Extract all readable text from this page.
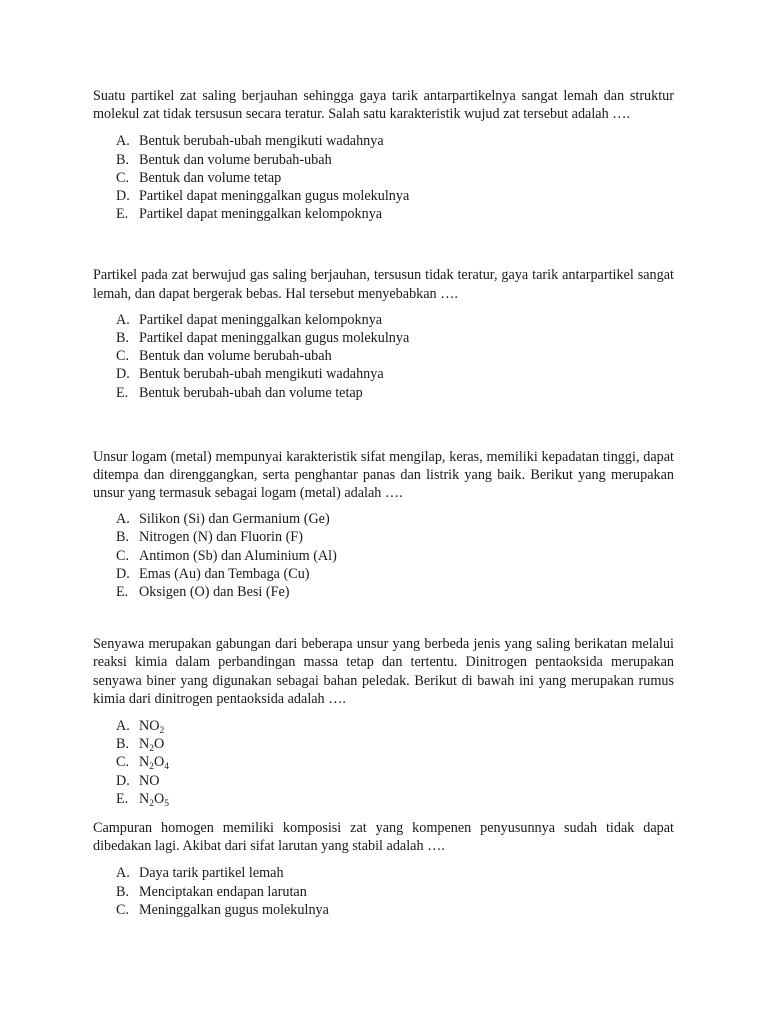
Suatu partikel zat saling berjauhan sehingga gaya tarik antarpartikelnya sangat lemah dan struktur molekul zat tidak tersusun secara teratur. Salah satu karakteristik wujud zat tersebut adalah ….

A. Bentuk berubah-ubah mengikuti wadahnya
B. Bentuk dan volume berubah-ubah
C. Bentuk dan volume tetap
D. Partikel dapat meninggalkan gugus molekulnya
E. Partikel dapat meninggalkan kelompoknya

Partikel pada zat berwujud gas saling berjauhan, tersusun tidak teratur, gaya tarik antarpartikel sangat lemah, dan dapat bergerak bebas. Hal tersebut menyebabkan ….

A. Partikel dapat meninggalkan kelompoknya
B. Partikel dapat meninggalkan gugus molekulnya
C. Bentuk dan volume berubah-ubah
D. Bentuk berubah-ubah mengikuti wadahnya
E. Bentuk berubah-ubah dan volume tetap

Unsur logam (metal) mempunyai karakteristik sifat mengilap, keras, memiliki kepadatan tinggi, dapat ditempa dan direnggangkan, serta penghantar panas dan listrik yang baik. Berikut yang merupakan unsur yang termasuk sebagai logam (metal) adalah ….

A. Silikon (Si) dan Germanium (Ge)
B. Nitrogen (N) dan Fluorin (F)
C. Antimon (Sb) dan Aluminium (Al)
D. Emas (Au) dan Tembaga (Cu)
E. Oksigen (O) dan Besi (Fe)

Senyawa merupakan gabungan dari beberapa unsur yang berbeda jenis yang saling berikatan melalui reaksi kimia dalam perbandingan massa tetap dan tertentu. Dinitrogen pentaoksida merupakan senyawa biner yang digunakan sebagai bahan peledak. Berikut di bawah ini yang merupakan rumus kimia dari dinitrogen pentaoksida adalah ….

A. $NO_2$
B. $N_2O$
C. $N_2O_4$
D. NO
E. $N_2O_5$

Campuran homogen memiliki komposisi zat yang kompenen penyusunnya sudah tidak dapat dibedakan lagi. Akibat dari sifat larutan yang stabil adalah ….

A. Daya tarik partikel lemah
B. Menciptakan endapan larutan
C. Meninggalkan gugus molekulnya
